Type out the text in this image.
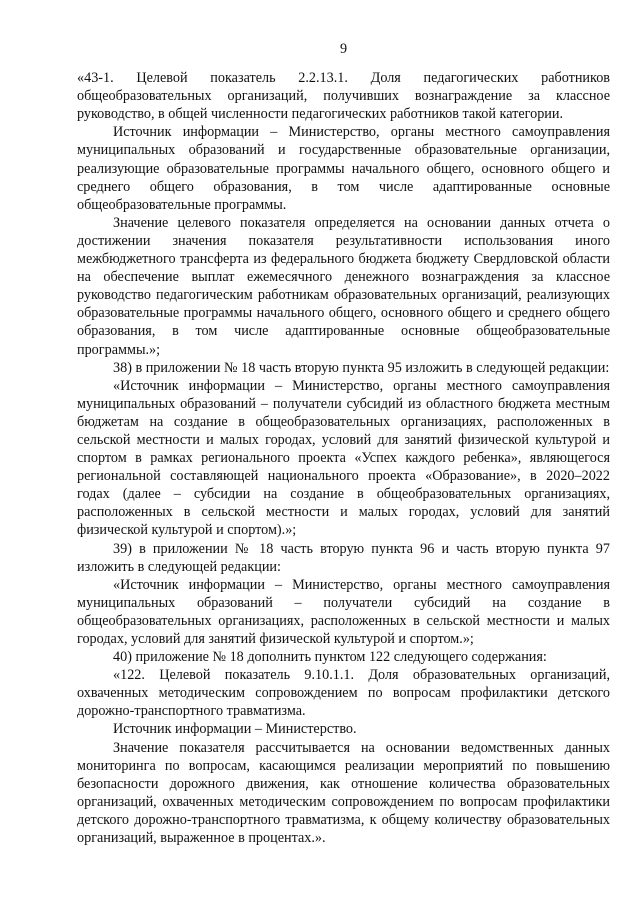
9

«43-1. Целевой показатель 2.2.13.1. Доля педагогических работников общеобразовательных организаций, получивших вознаграждение за классное руководство, в общей численности педагогических работников такой категории.

Источник информации – Министерство, органы местного самоуправления муниципальных образований и государственные образовательные организации, реализующие образовательные программы начального общего, основного общего и среднего общего образования, в том числе адаптированные основные общеобразовательные программы.

Значение целевого показателя определяется на основании данных отчета о достижении значения показателя результативности использования иного межбюджетного трансферта из федерального бюджета бюджету Свердловской области на обеспечение выплат ежемесячного денежного вознаграждения за классное руководство педагогическим работникам образовательных организаций, реализующих образовательные программы начального общего, основного общего и среднего общего образования, в том числе адаптированные основные общеобразовательные программы.»;

38) в приложении № 18 часть вторую пункта 95 изложить в следующей редакции:

«Источник информации – Министерство, органы местного самоуправления муниципальных образований – получатели субсидий из областного бюджета местным бюджетам на создание в общеобразовательных организациях, расположенных в сельской местности и малых городах, условий для занятий физической культурой и спортом в рамках регионального проекта «Успех каждого ребенка», являющегося региональной составляющей национального проекта «Образование», в 2020–2022 годах (далее – субсидии на создание в общеобразовательных организациях, расположенных в сельской местности и малых городах, условий для занятий физической культурой и спортом).»;

39) в приложении № 18 часть вторую пункта 96 и часть вторую пункта 97 изложить в следующей редакции:

«Источник информации – Министерство, органы местного самоуправления муниципальных образований – получатели субсидий на создание в общеобразовательных организациях, расположенных в сельской местности и малых городах, условий для занятий физической культурой и спортом.»;

40) приложение № 18 дополнить пунктом 122 следующего содержания:

«122. Целевой показатель 9.10.1.1. Доля образовательных организаций, охваченных методическим сопровождением по вопросам профилактики детского дорожно-транспортного травматизма.

Источник информации – Министерство.

Значение показателя рассчитывается на основании ведомственных данных мониторинга по вопросам, касающимся реализации мероприятий по повышению безопасности дорожного движения, как отношение количества образовательных организаций, охваченных методическим сопровождением по вопросам профилактики детского дорожно-транспортного травматизма, к общему количеству образовательных организаций, выраженное в процентах.».
